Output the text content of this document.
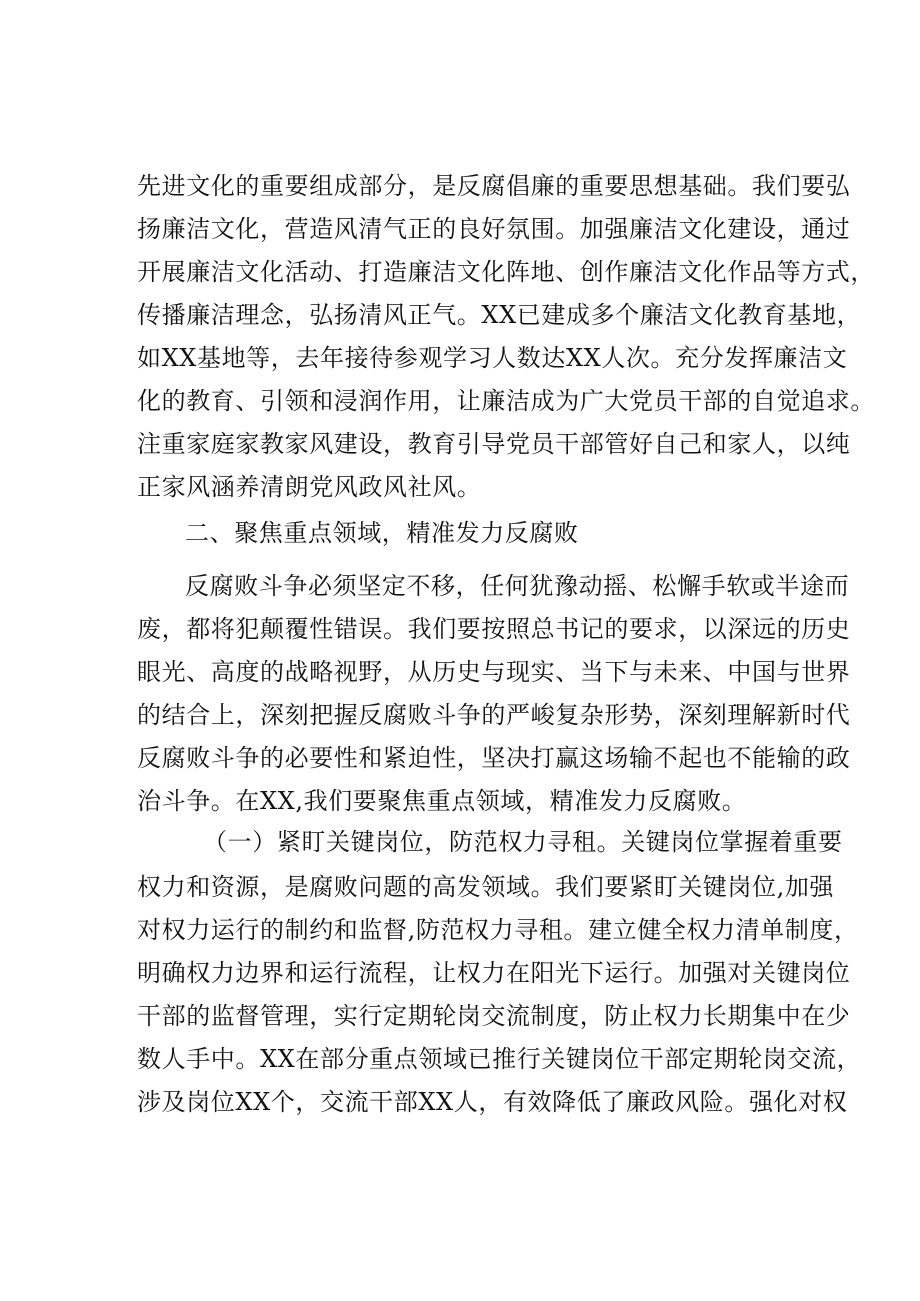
先进文化的重要组成部分，是反腐倡廉的重要思想基础。我们要弘
扬廉洁文化，营造风清气正的良好氛围。加强廉洁文化建设，通过
开展廉洁文化活动、打造廉洁文化阵地、创作廉洁文化作品等方式，
传播廉洁理念，弘扬清风正气。XX已建成多个廉洁文化教育基地，
如XX基地等，去年接待参观学习人数达XX人次。充分发挥廉洁文
化的教育、引领和浸润作用，让廉洁成为广大党员干部的自觉追求。
注重家庭家教家风建设，教育引导党员干部管好自己和家人，以纯
正家风涵养清朗党风政风社风。
二、聚焦重点领域，精准发力反腐败
反腐败斗争必须坚定不移，任何犹豫动摇、松懈手软或半途而
废，都将犯颠覆性错误。我们要按照总书记的要求，以深远的历史
眼光、高度的战略视野，从历史与现实、当下与未来、中国与世界
的结合上，深刻把握反腐败斗争的严峻复杂形势，深刻理解新时代
反腐败斗争的必要性和紧迫性，坚决打赢这场输不起也不能输的政
治斗争。在XX,我们要聚焦重点领域，精准发力反腐败。
（一）紧盯关键岗位，防范权力寻租。关键岗位掌握着重要
权力和资源，是腐败问题的高发领域。我们要紧盯关键岗位,加强
对权力运行的制约和监督,防范权力寻租。建立健全权力清单制度，
明确权力边界和运行流程，让权力在阳光下运行。加强对关键岗位
干部的监督管理，实行定期轮岗交流制度，防止权力长期集中在少
数人手中。XX在部分重点领域已推行关键岗位干部定期轮岗交流，
涉及岗位XX个，交流干部XX人，有效降低了廉政风险。强化对权
